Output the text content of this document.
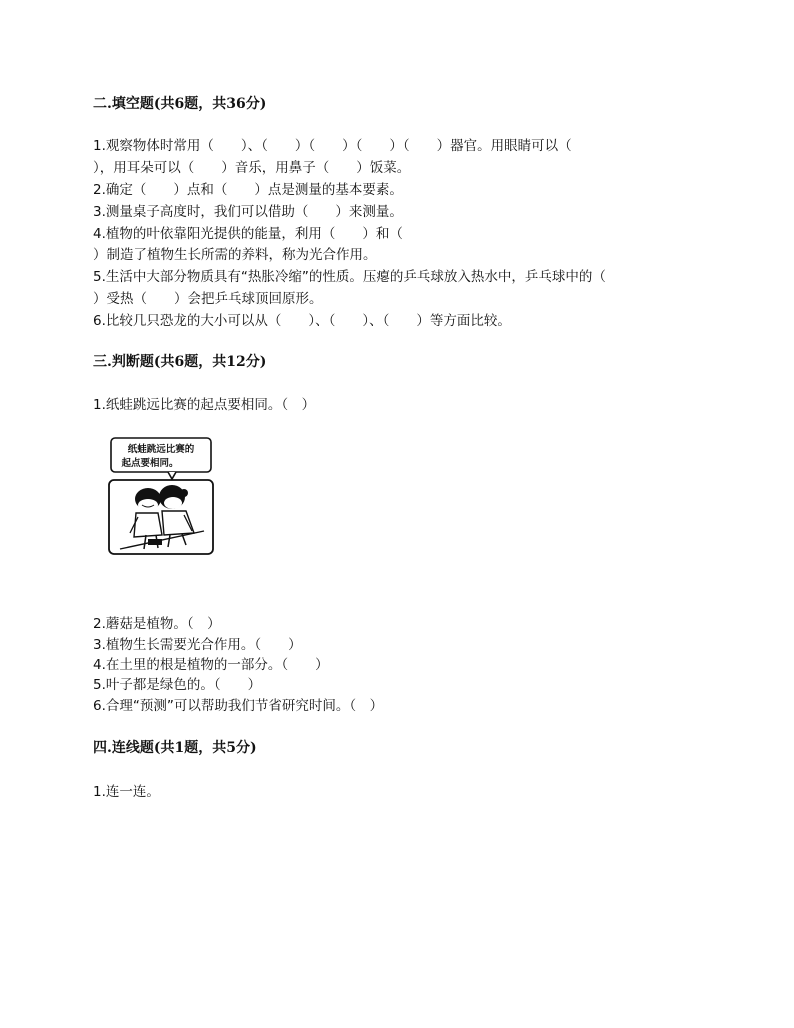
二.填空题(共6题，共36分)
1.观察物体时常用（　　）、（　　）（　　）（　　）（　　）器官。用眼睛可以（
），用耳朵可以（　　）音乐，用鼻子（　　）饭菜。
2.确定（　　）点和（　　）点是测量的基本要素。
3.测量桌子高度时，我们可以借助（　　）来测量。
4.植物的叶依靠阳光提供的能量，利用（　　）和（
）制造了植物生长所需的养料，称为光合作用。
5.生活中大部分物质具有“热胀冷缩”的性质。压瘪的乒乓球放入热水中，乒乓球中的（
）受热（　　）会把乒乓球顶回原形。
6.比较几只恐龙的大小可以从（　　）、（　　）、（　　）等方面比较。
三.判断题(共6题，共12分)
1.纸蛙跳远比赛的起点要相同。（　）
纸蛙跳远比赛的
起点要相同。
2.蘑菇是植物。（　）
3.植物生长需要光合作用。（　　）
4.在土里的根是植物的一部分。（　　）
5.叶子都是绿色的。（　　）
6.合理“预测”可以帮助我们节省研究时间。（　）
四.连线题(共1题，共5分)
1.连一连。
